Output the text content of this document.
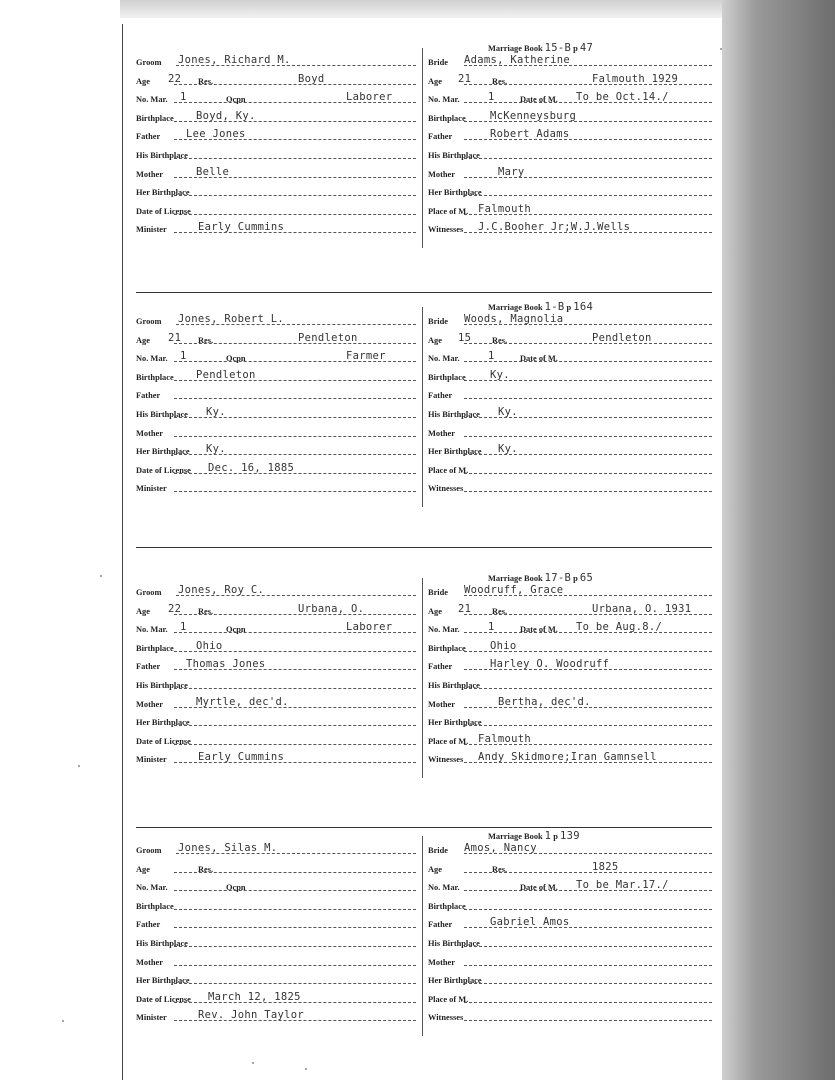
Groom Jones, Richard M.
Age 22 Res.	Boyd
No. Mar. 1	Ocpn	Laborer
Birthplace Boyd, Ky.
Father Lee Jones
His Birthplace
Mother	Belle
Her Birthplace
Date of License
Minister	Early Cummins
Marriage Book 15-B p 47
Bride Adams, Katherine
Age 21 Res.	Falmouth 1929
No. Mar.	1	Date of M. To be Oct.14./
Birthplace McKenneysburg
Father	Robert Adams
His Birthplace
Mother	Mary
Her Birthplace
Place of M. Falmouth
Witnesses J.C.Booher Jr;W.J.Wells
Groom Jones, Robert L.
Age 21 Res.	Pendleton
No. Mar. 1	Ocpn	Farmer
Birthplace Pendleton
Father
His Birthplace Ky.
Mother
Her Birthplace Ky.
Date of License Dec. 16, 1885
Minister
Marriage Book 1-B p 164
Bride Woods, Magnolia
Age 15 Res.	Pendleton
No. Mar.	1	Date of M.
Birthplace Ky.
Father
His Birthplace Ky.
Mother
Her Birthplace Ky.
Place of M.
Witnesses
Groom Jones, Roy C.
Age 22 Res.	Urbana, O.
No. Mar. 1	Ocpn	Laborer
Birthplace Ohio
Father Thomas Jones
His Birthplace
Mother	Myrtle, dec'd.
Her Birthplace
Date of License
Minister	Early Cummins
Marriage Book 17-B p 65
Bride Woodruff, Grace
Age 21 Res.	Urbana, O. 1931
No. Mar.	1	Date of M. To be Aug.8./
Birthplace Ohio
Father	Harley O. Woodruff
His Birthplace
Mother	Bertha, dec'd.
Her Birthplace
Place of M. Falmouth
Witnesses Andy Skidmore;Iran Gamnsell
Groom Jones, Silas M.
Age	Res.
No. Mar.	Ocpn
Birthplace
Father
His Birthplace
Mother
Her Birthplace
Date of License March 12, 1825
Minister	Rev. John Taylor
Marriage Book 1 p 139
Bride Amos, Nancy
Age	Res.	1825
No. Mar.	Date of M. To be Mar.17./
Birthplace
Father	Gabriel Amos
His Birthplace
Mother
Her Birthplace
Place of M.
Witnesses
